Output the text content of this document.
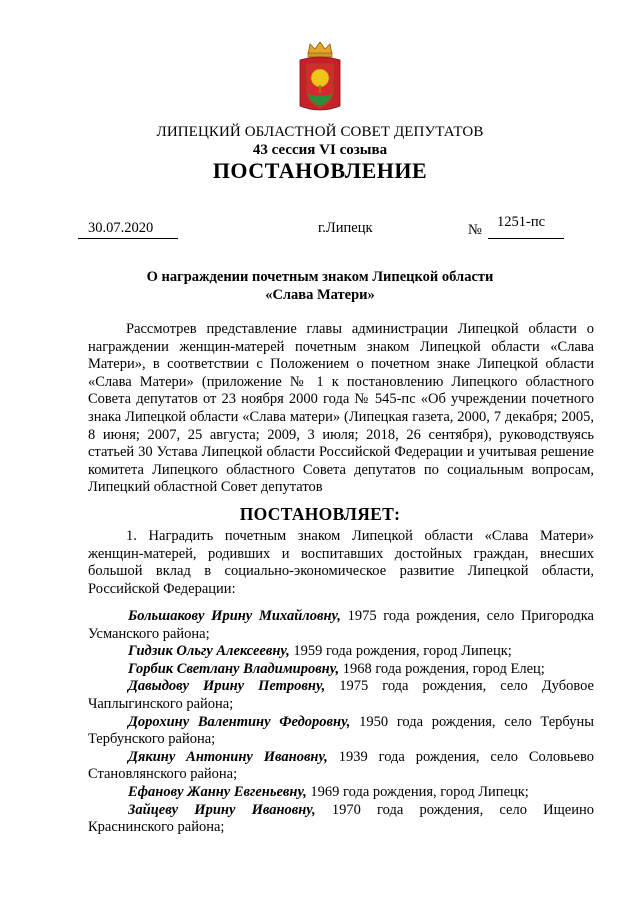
ЛИПЕЦКИЙ ОБЛАСТНОЙ СОВЕТ ДЕПУТАТОВ
43 сессия VI созыва
ПОСТАНОВЛЕНИЕ
30.07.2020	г.Липецк	№ 1251-пс
О награждении почетным знаком Липецкой области
«Слава Матери»
Рассмотрев представление главы администрации Липецкой области о награждении женщин-матерей почетным знаком Липецкой области «Слава Матери», в соответствии с Положением о почетном знаке Липецкой области «Слава Матери» (приложение № 1 к постановлению Липецкого областного Совета депутатов от 23 ноября 2000 года № 545-пс «Об учреждении почетного знака Липецкой области «Слава матери» (Липецкая газета, 2000, 7 декабря; 2005, 8 июня; 2007, 25 августа; 2009, 3 июля; 2018, 26 сентября), руководствуясь статьей 30 Устава Липецкой области Российской Федерации и учитывая решение комитета Липецкого областного Совета депутатов по социальным вопросам, Липецкий областной Совет депутатов
ПОСТАНОВЛЯЕТ:
1. Наградить почетным знаком Липецкой области «Слава Матери» женщин-матерей, родивших и воспитавших достойных граждан, внесших большой вклад в социально-экономическое развитие Липецкой области, Российской Федерации:

Большакову Ирину Михайловну, 1975 года рождения, село Пригородка Усманского района;

Гидзик Ольгу Алексеевну, 1959 года рождения, город Липецк;

Горбик Светлану Владимировну, 1968 года рождения, город Елец;

Давыдову Ирину Петровну, 1975 года рождения, село Дубовое Чаплыгинского района;

Дорохину Валентину Федоровну, 1950 года рождения, село Тербуны Тербунского района;

Дякину Антонину Ивановну, 1939 года рождения, село Соловьево Становлянского района;

Ефанову Жанну Евгеньевну, 1969 года рождения, город Липецк;

Зайцеву Ирину Ивановну, 1970 года рождения, село Ищеино Краснинского района;
